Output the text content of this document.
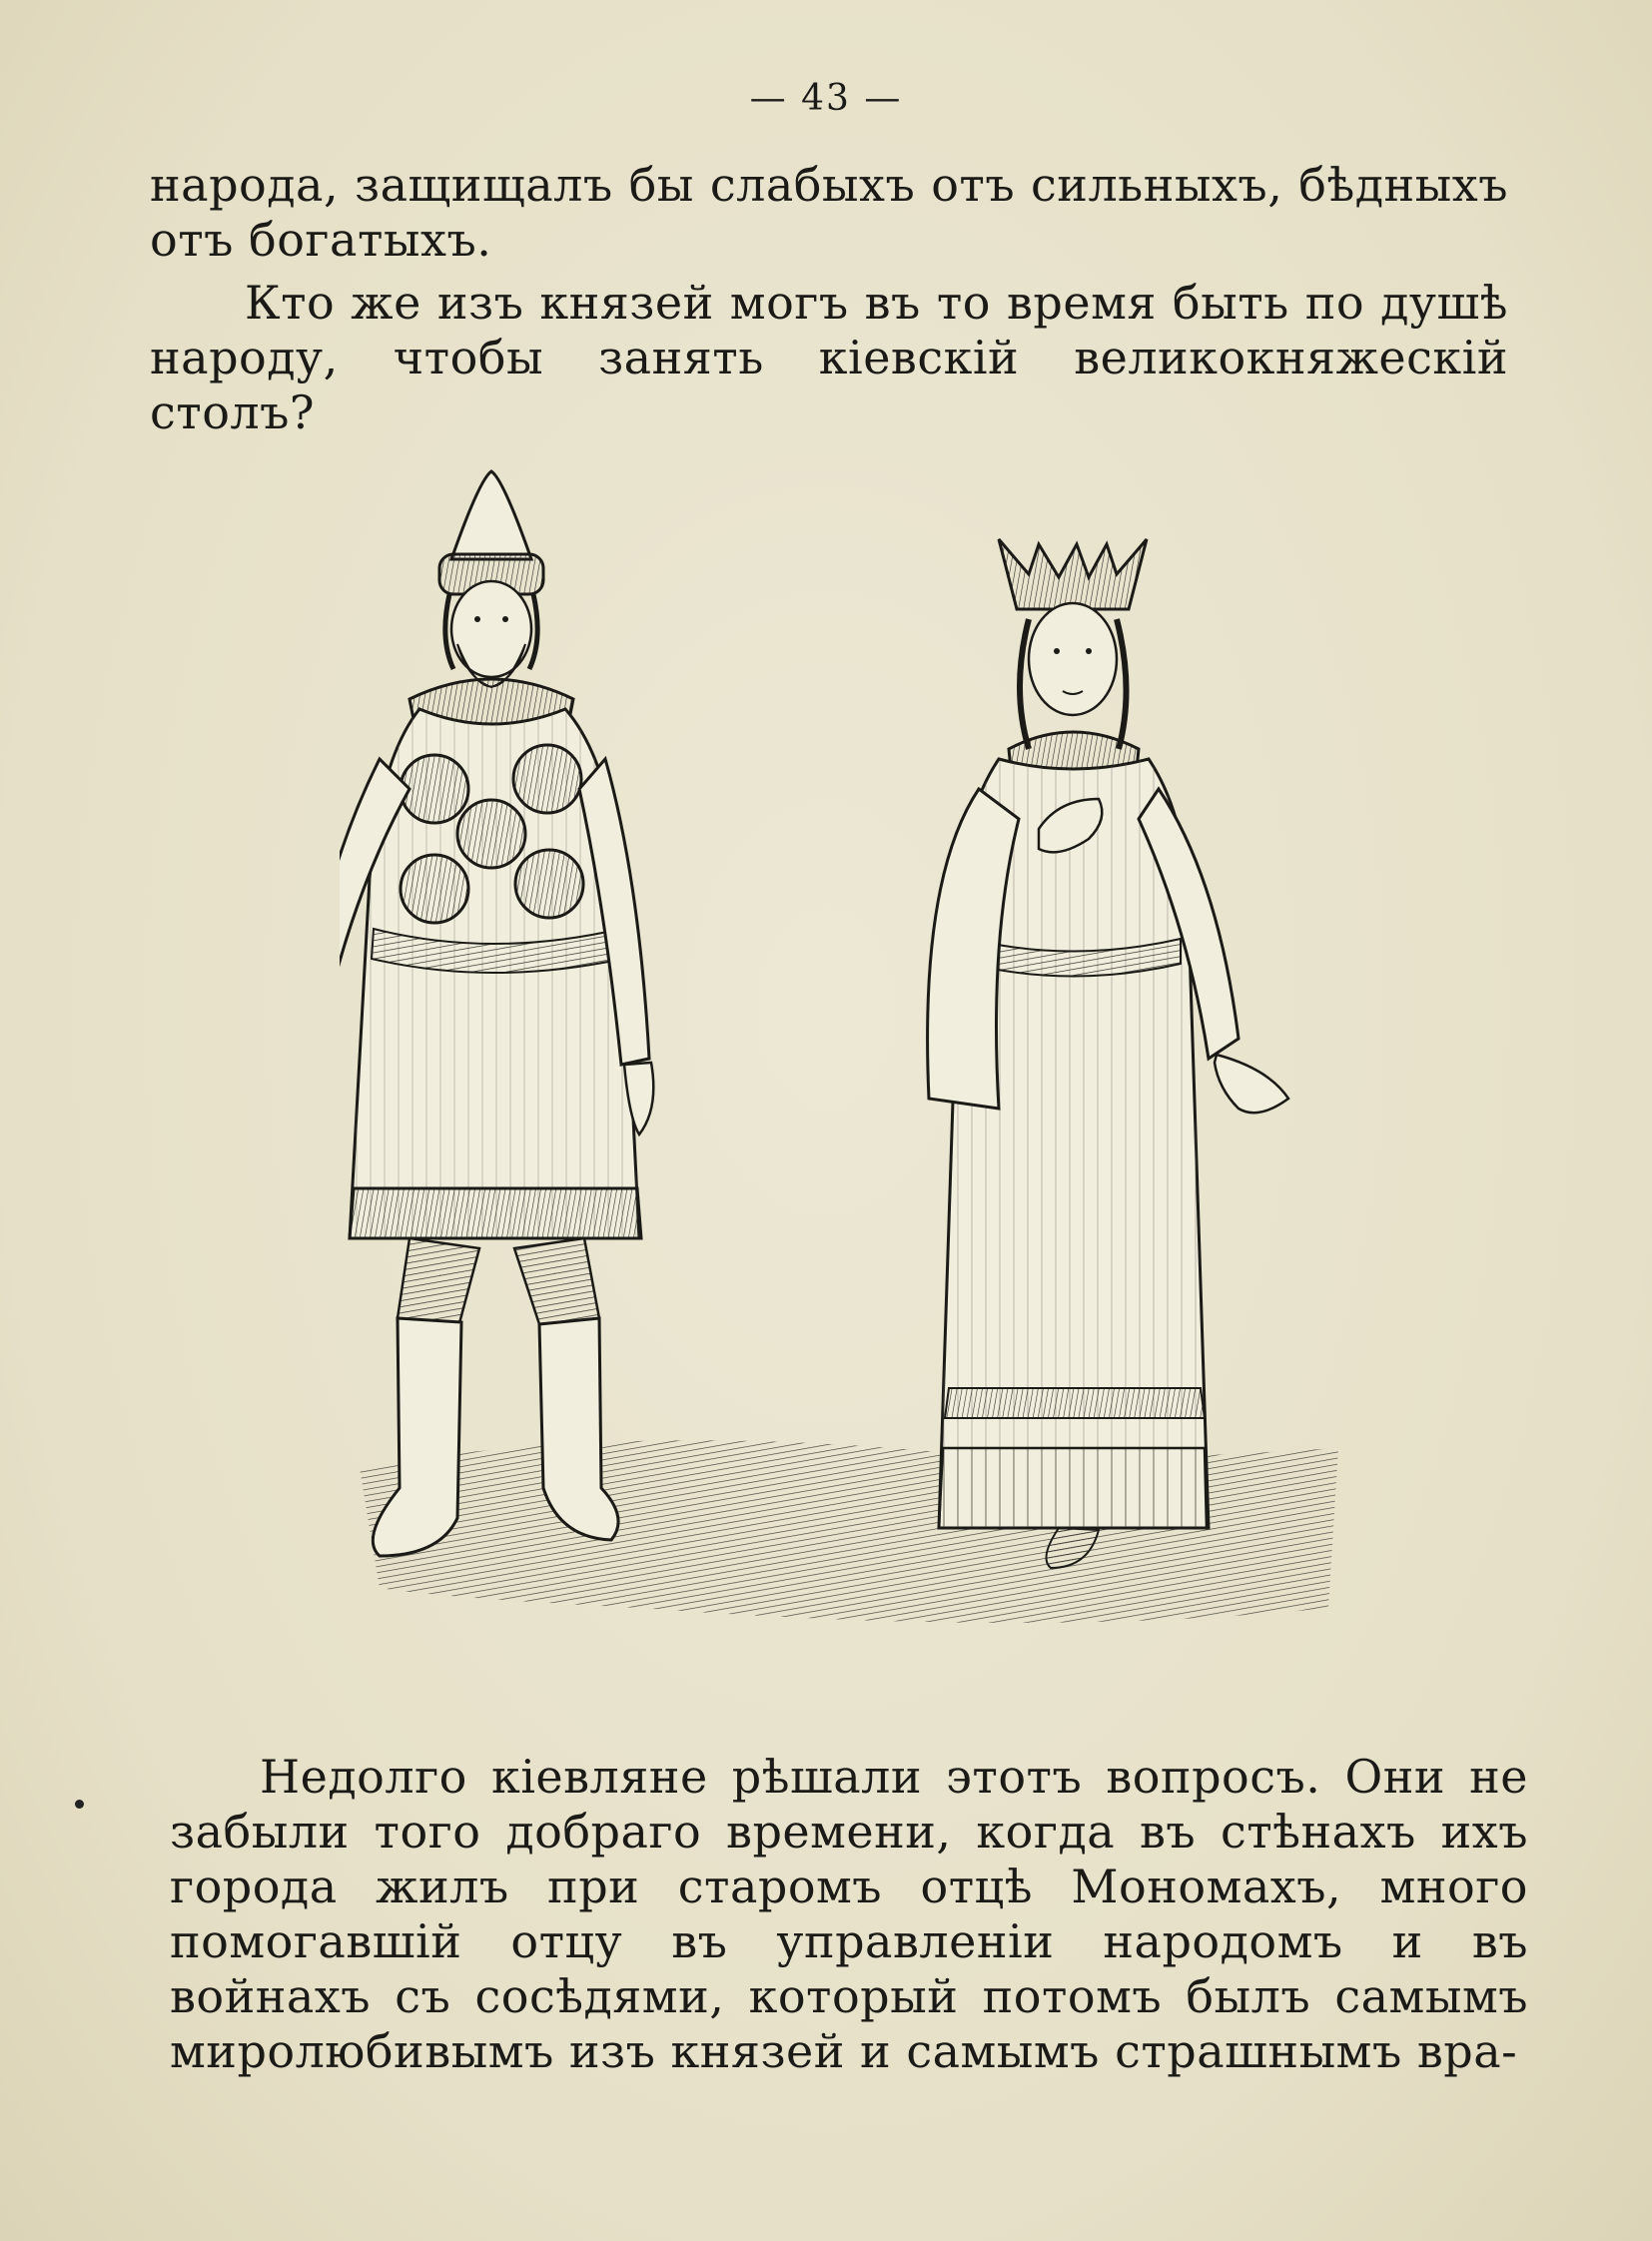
— 43 —

народа, защищалъ бы слабыхъ отъ сильныхъ, бѣдныхъ отъ богатыхъ.

Кто же изъ князей могъ въ то время быть по душѣ народу, чтобы занять кіевскій великокняжескій столъ?

Недолго кіевляне рѣшали этотъ вопросъ. Они не забыли того добраго времени, когда въ стѣнахъ ихъ города жилъ при старомъ отцѣ Мономахъ, много помогавшій отцу въ управленіи народомъ и въ войнахъ съ сосѣдями, который потомъ былъ самымъ миролюбивымъ изъ князей и самымъ страшнымъ вра-
